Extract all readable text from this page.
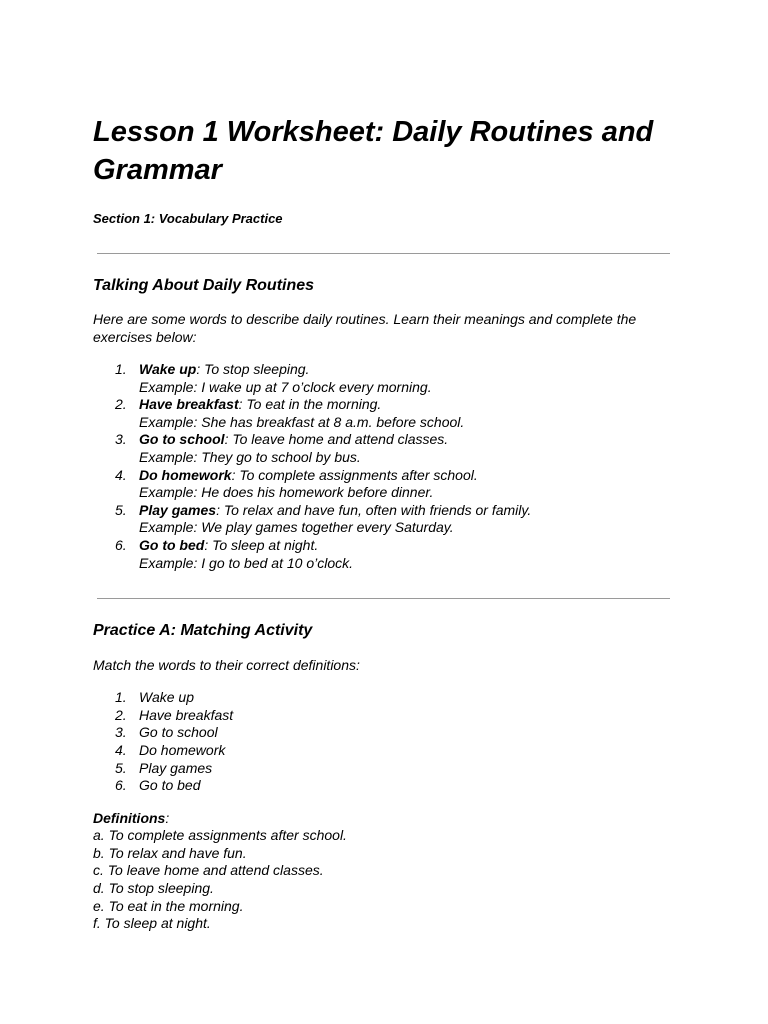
Lesson 1 Worksheet: Daily Routines and Grammar
Section 1: Vocabulary Practice
Talking About Daily Routines

Here are some words to describe daily routines. Learn their meanings and complete the exercises below:

1. Wake up: To stop sleeping.
Example: I wake up at 7 o’clock every morning.
2. Have breakfast: To eat in the morning.
Example: She has breakfast at 8 a.m. before school.
3. Go to school: To leave home and attend classes.
Example: They go to school by bus.
4. Do homework: To complete assignments after school.
Example: He does his homework before dinner.
5. Play games: To relax and have fun, often with friends or family.
Example: We play games together every Saturday.
6. Go to bed: To sleep at night.
Example: I go to bed at 10 o’clock.
Practice A: Matching Activity

Match the words to their correct definitions:

1. Wake up
2. Have breakfast
3. Go to school
4. Do homework
5. Play games
6. Go to bed
Definitions:
a. To complete assignments after school.
b. To relax and have fun.
c. To leave home and attend classes.
d. To stop sleeping.
e. To eat in the morning.
f. To sleep at night.
